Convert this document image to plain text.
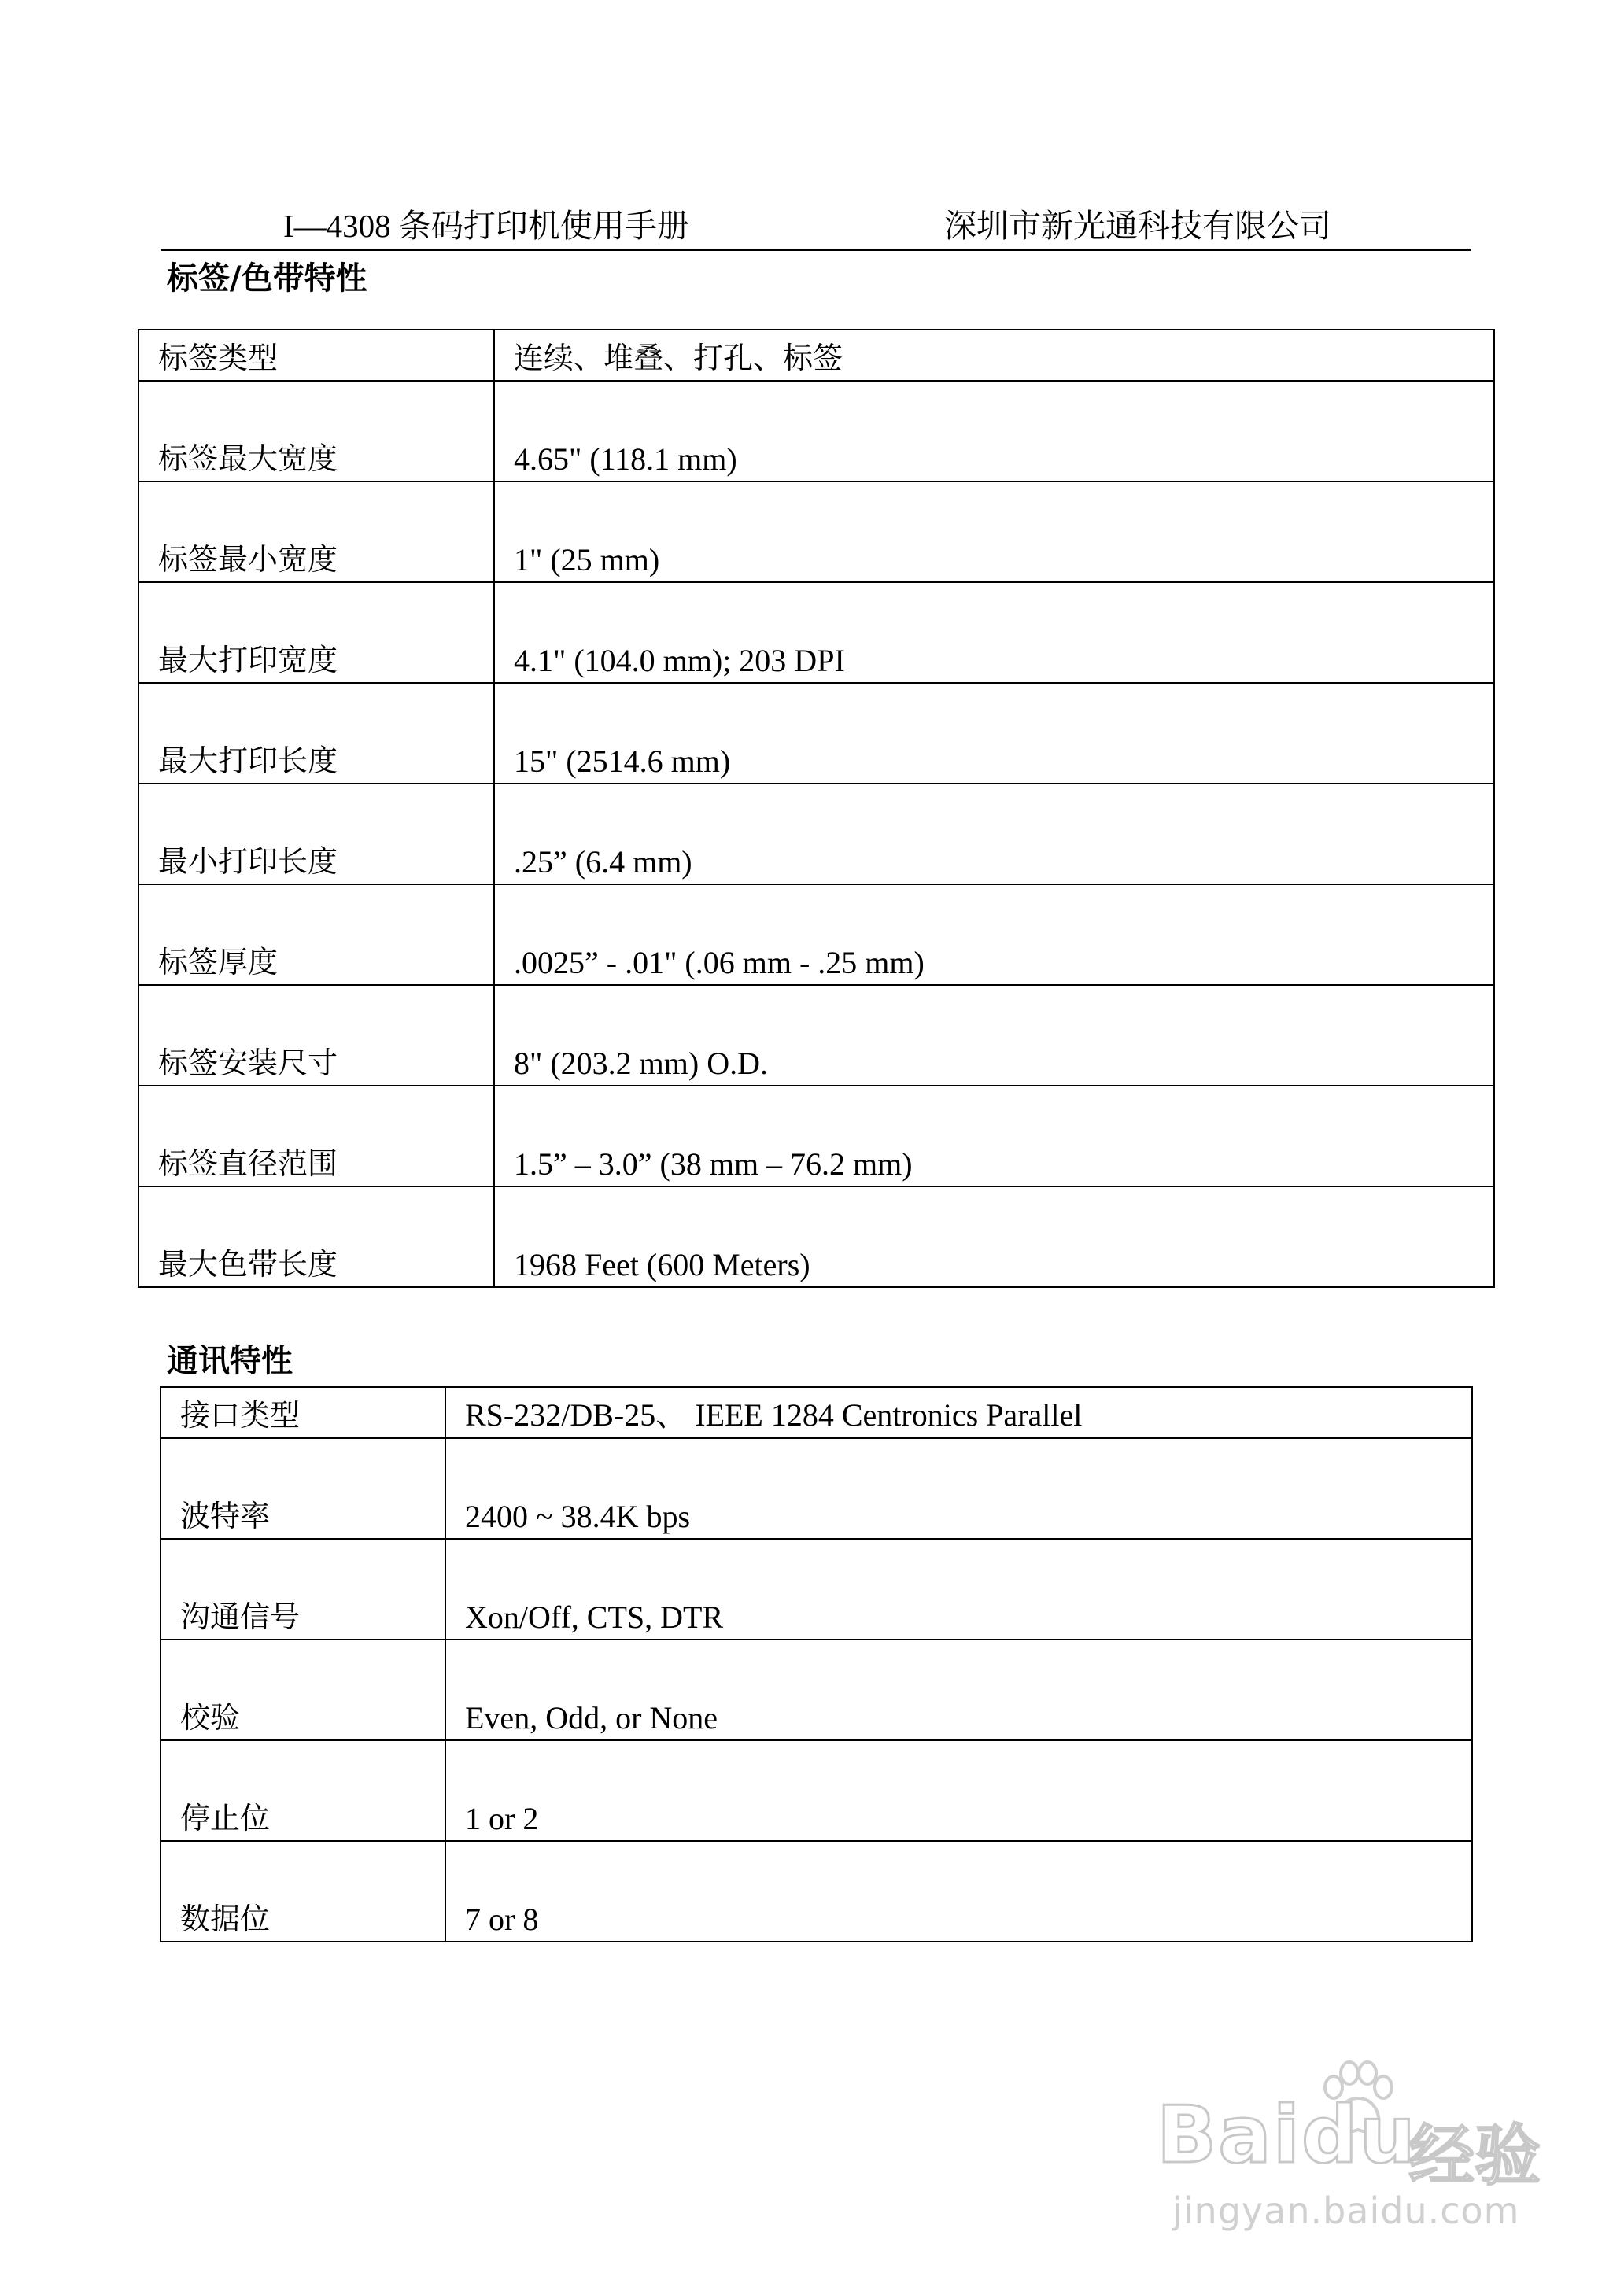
I—4308 条码打印机使用手册	深圳市新光通科技有限公司
标签/色带特性
标签类型	连续、堆叠、打孔、标签
标签最大宽度	4.65" (118.1 mm)
标签最小宽度	1" (25 mm)
最大打印宽度	4.1" (104.0 mm); 203 DPI
最大打印长度	15" (2514.6 mm)
最小打印长度	.25” (6.4 mm)
标签厚度	.0025” - .01" (.06 mm - .25 mm)
标签安装尺寸	8" (203.2 mm) O.D.
标签直径范围	1.5” – 3.0” (38 mm – 76.2 mm)
最大色带长度	1968 Feet (600 Meters)
通讯特性
接口类型	RS-232/DB-25、 IEEE 1284 Centronics Parallel
波特率	2400 ~ 38.4K bps
沟通信号	Xon/Off, CTS, DTR
校验	Even, Odd, or None
停止位	1 or 2
数据位	7 or 8
Baidu
经验
jingyan.baidu.com
